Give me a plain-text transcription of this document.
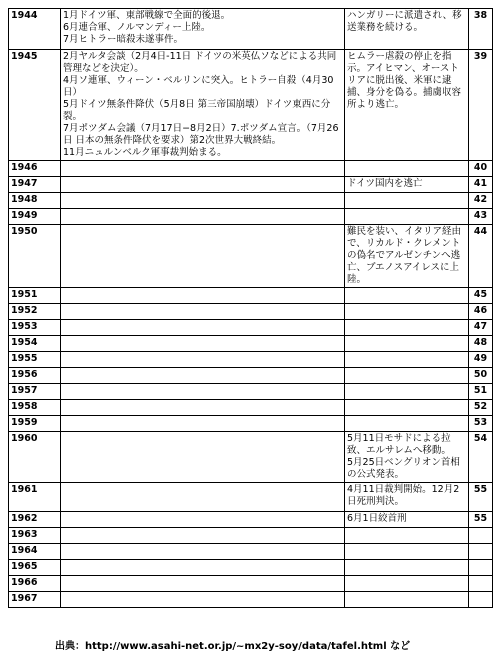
1944	1月ドイツ軍、東部戦線で全面的後退。
6月連合軍、ノルマンディー上陸。
7月ヒトラー暗殺未遂事件。	ハンガリーに派遣され、移送業務を続ける。	38
1945	2月ヤルタ会談（2月4日-11日 ドイツの米英仏ソなどによる共同管理などを決定）。
4月ソ連軍、ウィーン・ベルリンに突入。ヒトラー自殺（4月30日）
5月ドイツ無条件降伏（5月8日 第三帝国崩壊）ドイツ東西に分裂。
7月ポツダム会議（7月17日−8月2日）7.ポツダム宣言。（7月26日 日本の無条件降伏を要求）第2次世界大戦終結。
11月ニュルンベルク軍事裁判始まる。	ヒムラー虐殺の停止を指示。アイヒマン、オーストリアに脱出後、米軍に逮捕、身分を偽る。捕虜収容所より逃亡。	39
1946			40
1947		ドイツ国内を逃亡	41
1948			42
1949			43
1950		難民を装い、イタリア経由で、リカルド・クレメントの偽名でアルゼンチンへ逃亡、ブエノスアイレスに上陸。	44
1951			45
1952			46
1953			47
1954			48
1955			49
1956			50
1957			51
1958			52
1959			53
1960		5月11日モサドによる拉致、エルサレムへ移動。
5月25日ベングリオン首相の公式発表。	54
1961		4月11日裁判開始。12月2日死刑判決。	55
1962		6月1日絞首刑	55
1963			
1964			
1965			
1966			
1967			
出典：http://www.asahi-net.or.jp/~mx2y-soy/data/tafel.html など
